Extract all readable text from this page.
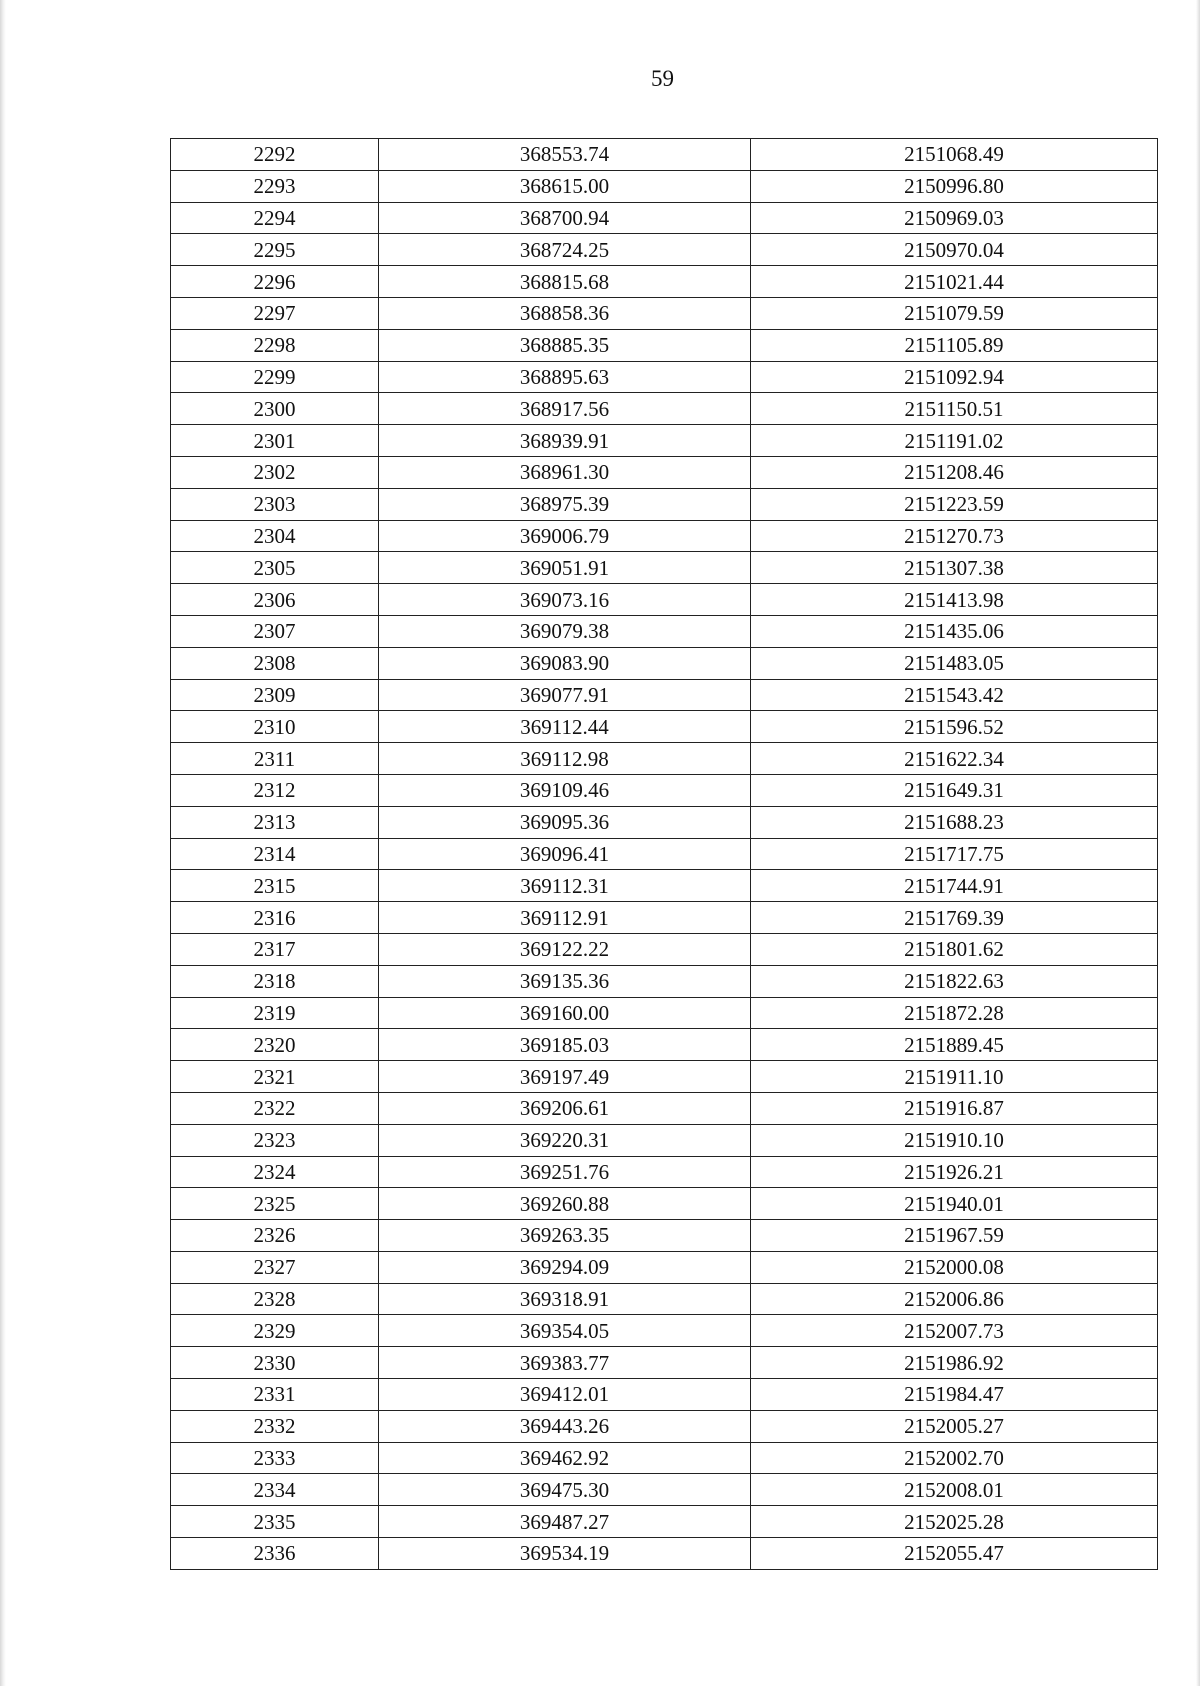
59
2292	368553.74	2151068.49
2293	368615.00	2150996.80
2294	368700.94	2150969.03
2295	368724.25	2150970.04
2296	368815.68	2151021.44
2297	368858.36	2151079.59
2298	368885.35	2151105.89
2299	368895.63	2151092.94
2300	368917.56	2151150.51
2301	368939.91	2151191.02
2302	368961.30	2151208.46
2303	368975.39	2151223.59
2304	369006.79	2151270.73
2305	369051.91	2151307.38
2306	369073.16	2151413.98
2307	369079.38	2151435.06
2308	369083.90	2151483.05
2309	369077.91	2151543.42
2310	369112.44	2151596.52
2311	369112.98	2151622.34
2312	369109.46	2151649.31
2313	369095.36	2151688.23
2314	369096.41	2151717.75
2315	369112.31	2151744.91
2316	369112.91	2151769.39
2317	369122.22	2151801.62
2318	369135.36	2151822.63
2319	369160.00	2151872.28
2320	369185.03	2151889.45
2321	369197.49	2151911.10
2322	369206.61	2151916.87
2323	369220.31	2151910.10
2324	369251.76	2151926.21
2325	369260.88	2151940.01
2326	369263.35	2151967.59
2327	369294.09	2152000.08
2328	369318.91	2152006.86
2329	369354.05	2152007.73
2330	369383.77	2151986.92
2331	369412.01	2151984.47
2332	369443.26	2152005.27
2333	369462.92	2152002.70
2334	369475.30	2152008.01
2335	369487.27	2152025.28
2336	369534.19	2152055.47
